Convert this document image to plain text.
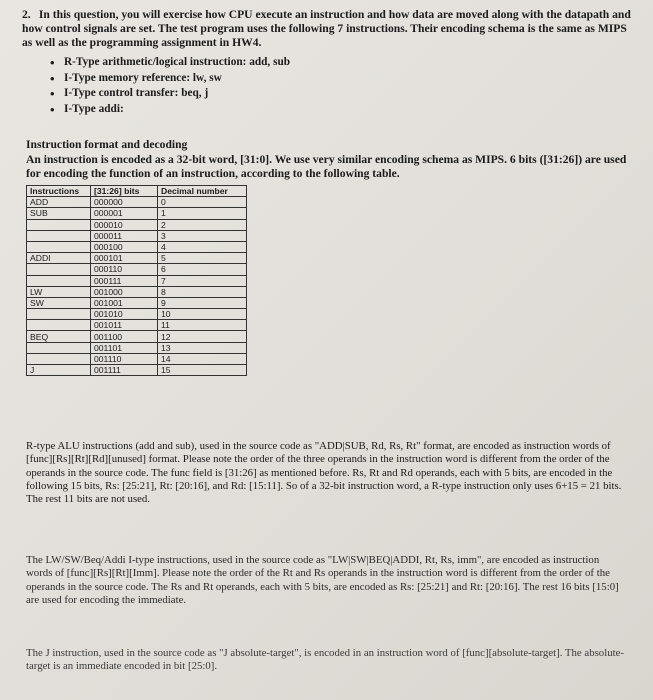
2. In this question, you will exercise how CPU execute an instruction and how data are moved along with the datapath and how control signals are set. The test program uses the following 7 instructions. Their encoding schema is the same as MIPS as well as the programming assignment in HW4.
• R-Type arithmetic/logical instruction: add, sub
• I-Type memory reference: lw, sw
• I-Type control transfer: beq, j
• I-Type addi:
Instruction format and decoding
An instruction is encoded as a 32-bit word, [31:0]. We use very similar encoding schema as MIPS. 6 bits ([31:26]) are used for encoding the function of an instruction, according to the following table.
Instructions	[31:26] bits	Decimal number
ADD	000000	0
SUB	000001	1
	000010	2
	000011	3
	000100	4
ADDI	000101	5
	000110	6
	000111	7
LW	001000	8
SW	001001	9
	001010	10
	001011	11
BEQ	001100	12
	001101	13
	001110	14
J	001111	15
R-type ALU instructions (add and sub), used in the source code as "ADD|SUB, Rd, Rs, Rt" format, are encoded as instruction words of [func][Rs][Rt][Rd][unused] format. Please note the order of the three operands in the instruction word is different from the order of the operands in the source code. The func field is [31:26] as mentioned before. Rs, Rt and Rd operands, each with 5 bits, are encoded in the following 15 bits, Rs: [25:21], Rt: [20:16], and Rd: [15:11]. So of a 32-bit instruction word, a R-type instruction only uses 6+15 = 21 bits. The rest 11 bits are not used.
The LW/SW/Beq/Addi I-type instructions, used in the source code as "LW|SW|BEQ|ADDI, Rt, Rs, imm", are encoded as instruction words of [func][Rs][Rt][Imm]. Please note the order of the Rt and Rs operands in the instruction word is different from the order of the operands in the source code. The Rs and Rt operands, each with 5 bits, are encoded as Rs: [25:21] and Rt: [20:16]. The rest 16 bits [15:0] are used for encoding the immediate.
The J instruction, used in the source code as "J absolute-target", is encoded in an instruction word of [func][absolute-target]. The absolute-target is an immediate encoded in bit [25:0].
